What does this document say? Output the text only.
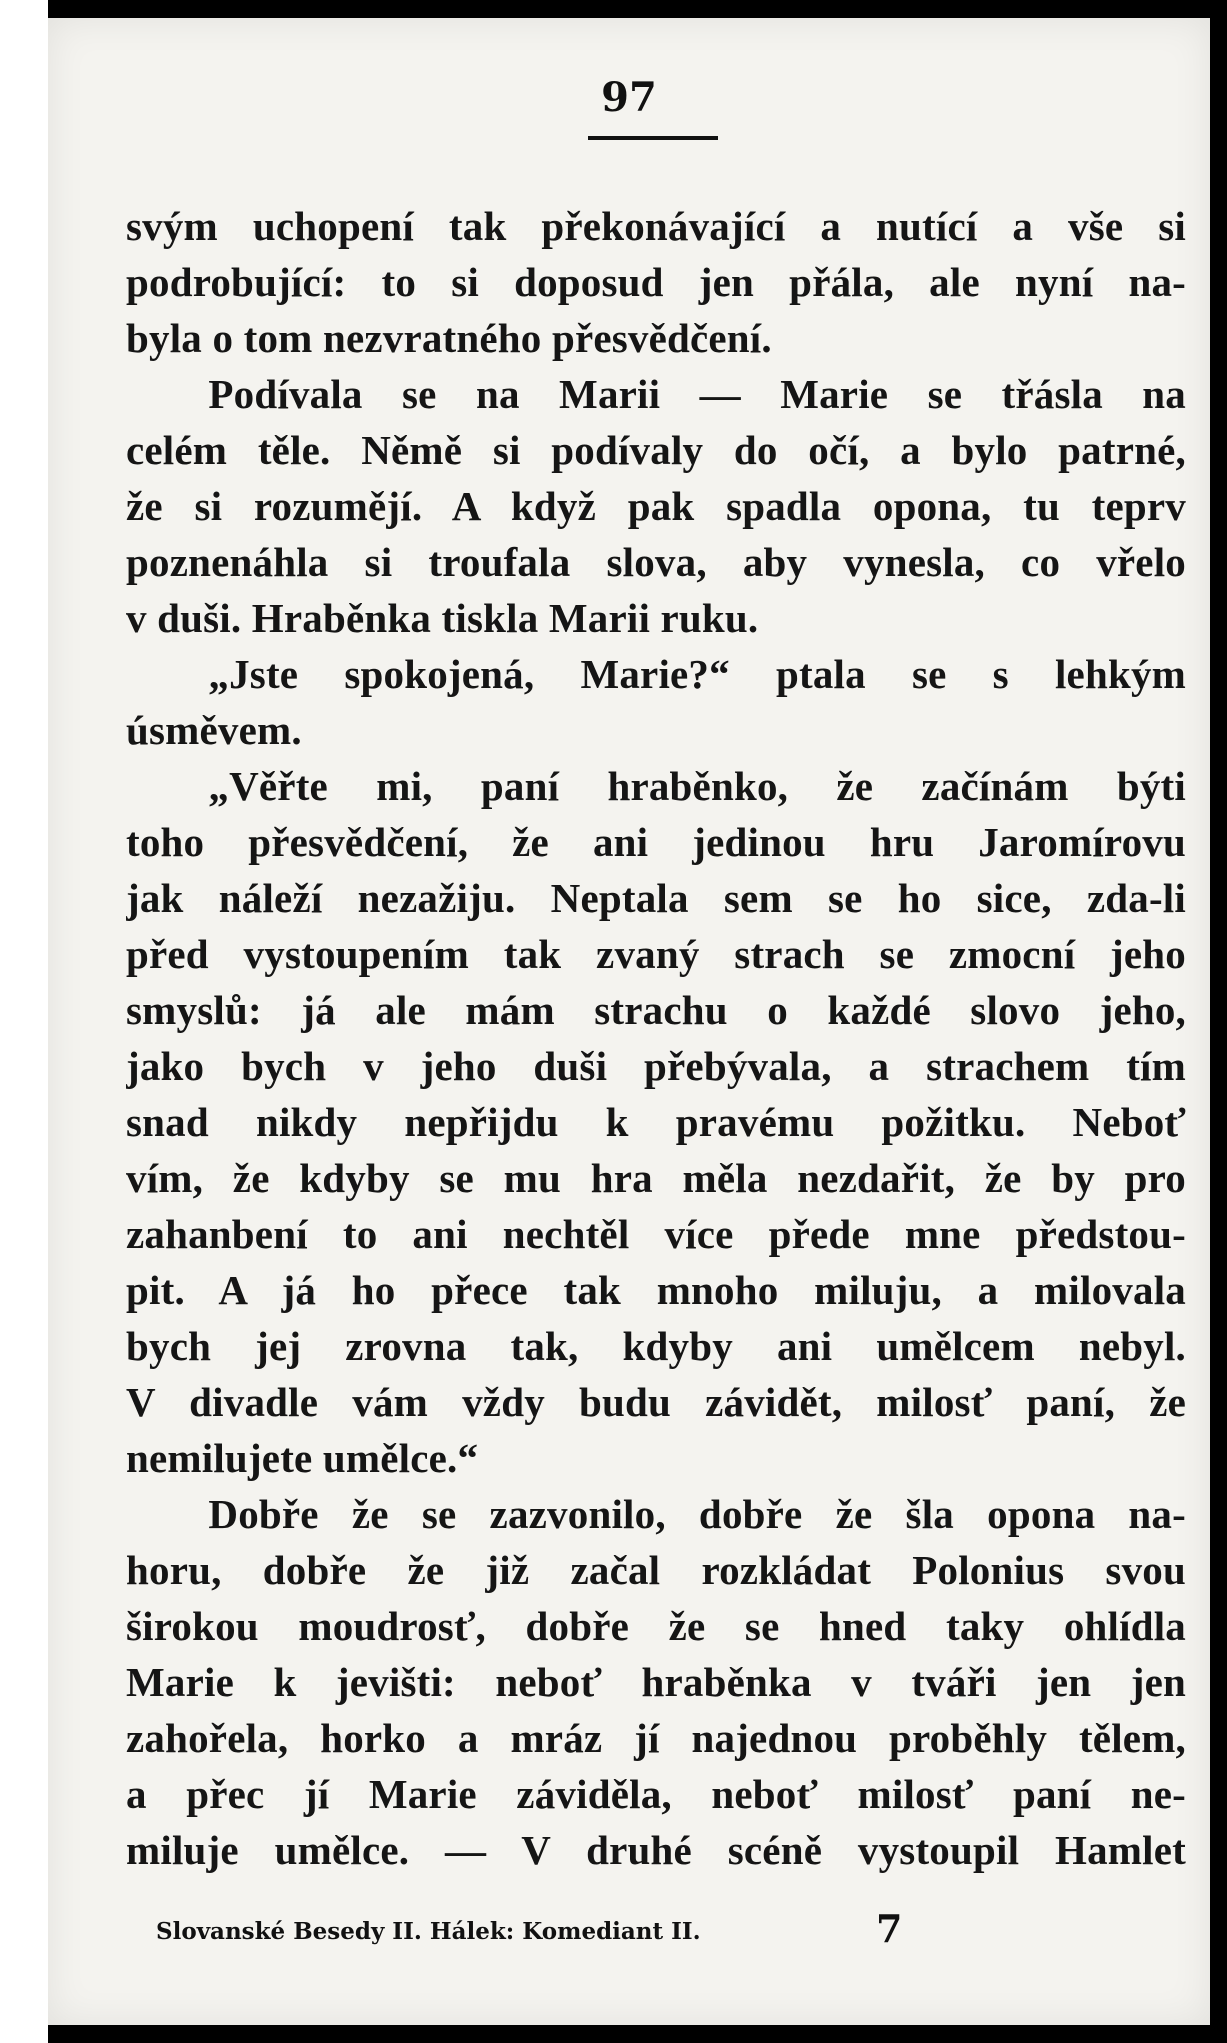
97
svým uchopení tak překonávající a nutící a vše si
podrobující: to si doposud jen přála, ale nyní na-
byla o tom nezvratného přesvědčení.
  Podívala se na Marii — Marie se třásla na
celém těle. Němě si podívaly do očí, a bylo patrné,
že si rozumějí. A když pak spadla opona, tu teprv
poznenáhla si troufala slova, aby vynesla, co vřelo
v duši. Hraběnka tiskla Marii ruku.
  „Jste spokojená, Marie?“ ptala se s lehkým
úsměvem.
  „Věřte mi, paní hraběnko, že začínám býti
toho přesvědčení, že ani jedinou hru Jaromírovu
jak náleží nezažiju. Neptala sem se ho sice, zda-li
před vystoupením tak zvaný strach se zmocní jeho
smyslů: já ale mám strachu o každé slovo jeho,
jako bych v jeho duši přebývala, a strachem tím
snad nikdy nepřijdu k pravému požitku. Neboť
vím, že kdyby se mu hra měla nezdařit, že by pro
zahanbení to ani nechtěl více přede mne předstou-
pit. A já ho přece tak mnoho miluju, a milovala
bych jej zrovna tak, kdyby ani umělcem nebyl.
V divadle vám vždy budu závidět, milosť paní, že
nemilujete umělce.“
  Dobře že se zazvonilo, dobře že šla opona na-
horu, dobře že již začal rozkládat Polonius svou
širokou moudrosť, dobře že se hned taky ohlídla
Marie k jevišti: neboť hraběnka v tváři jen jen
zahořela, horko a mráz jí najednou proběhly tělem,
a přec jí Marie záviděla, neboť milosť paní ne-
miluje umělce. — V druhé scéně vystoupil Hamlet
Slovanské Besedy II. Hálek: Komediant II.	7
